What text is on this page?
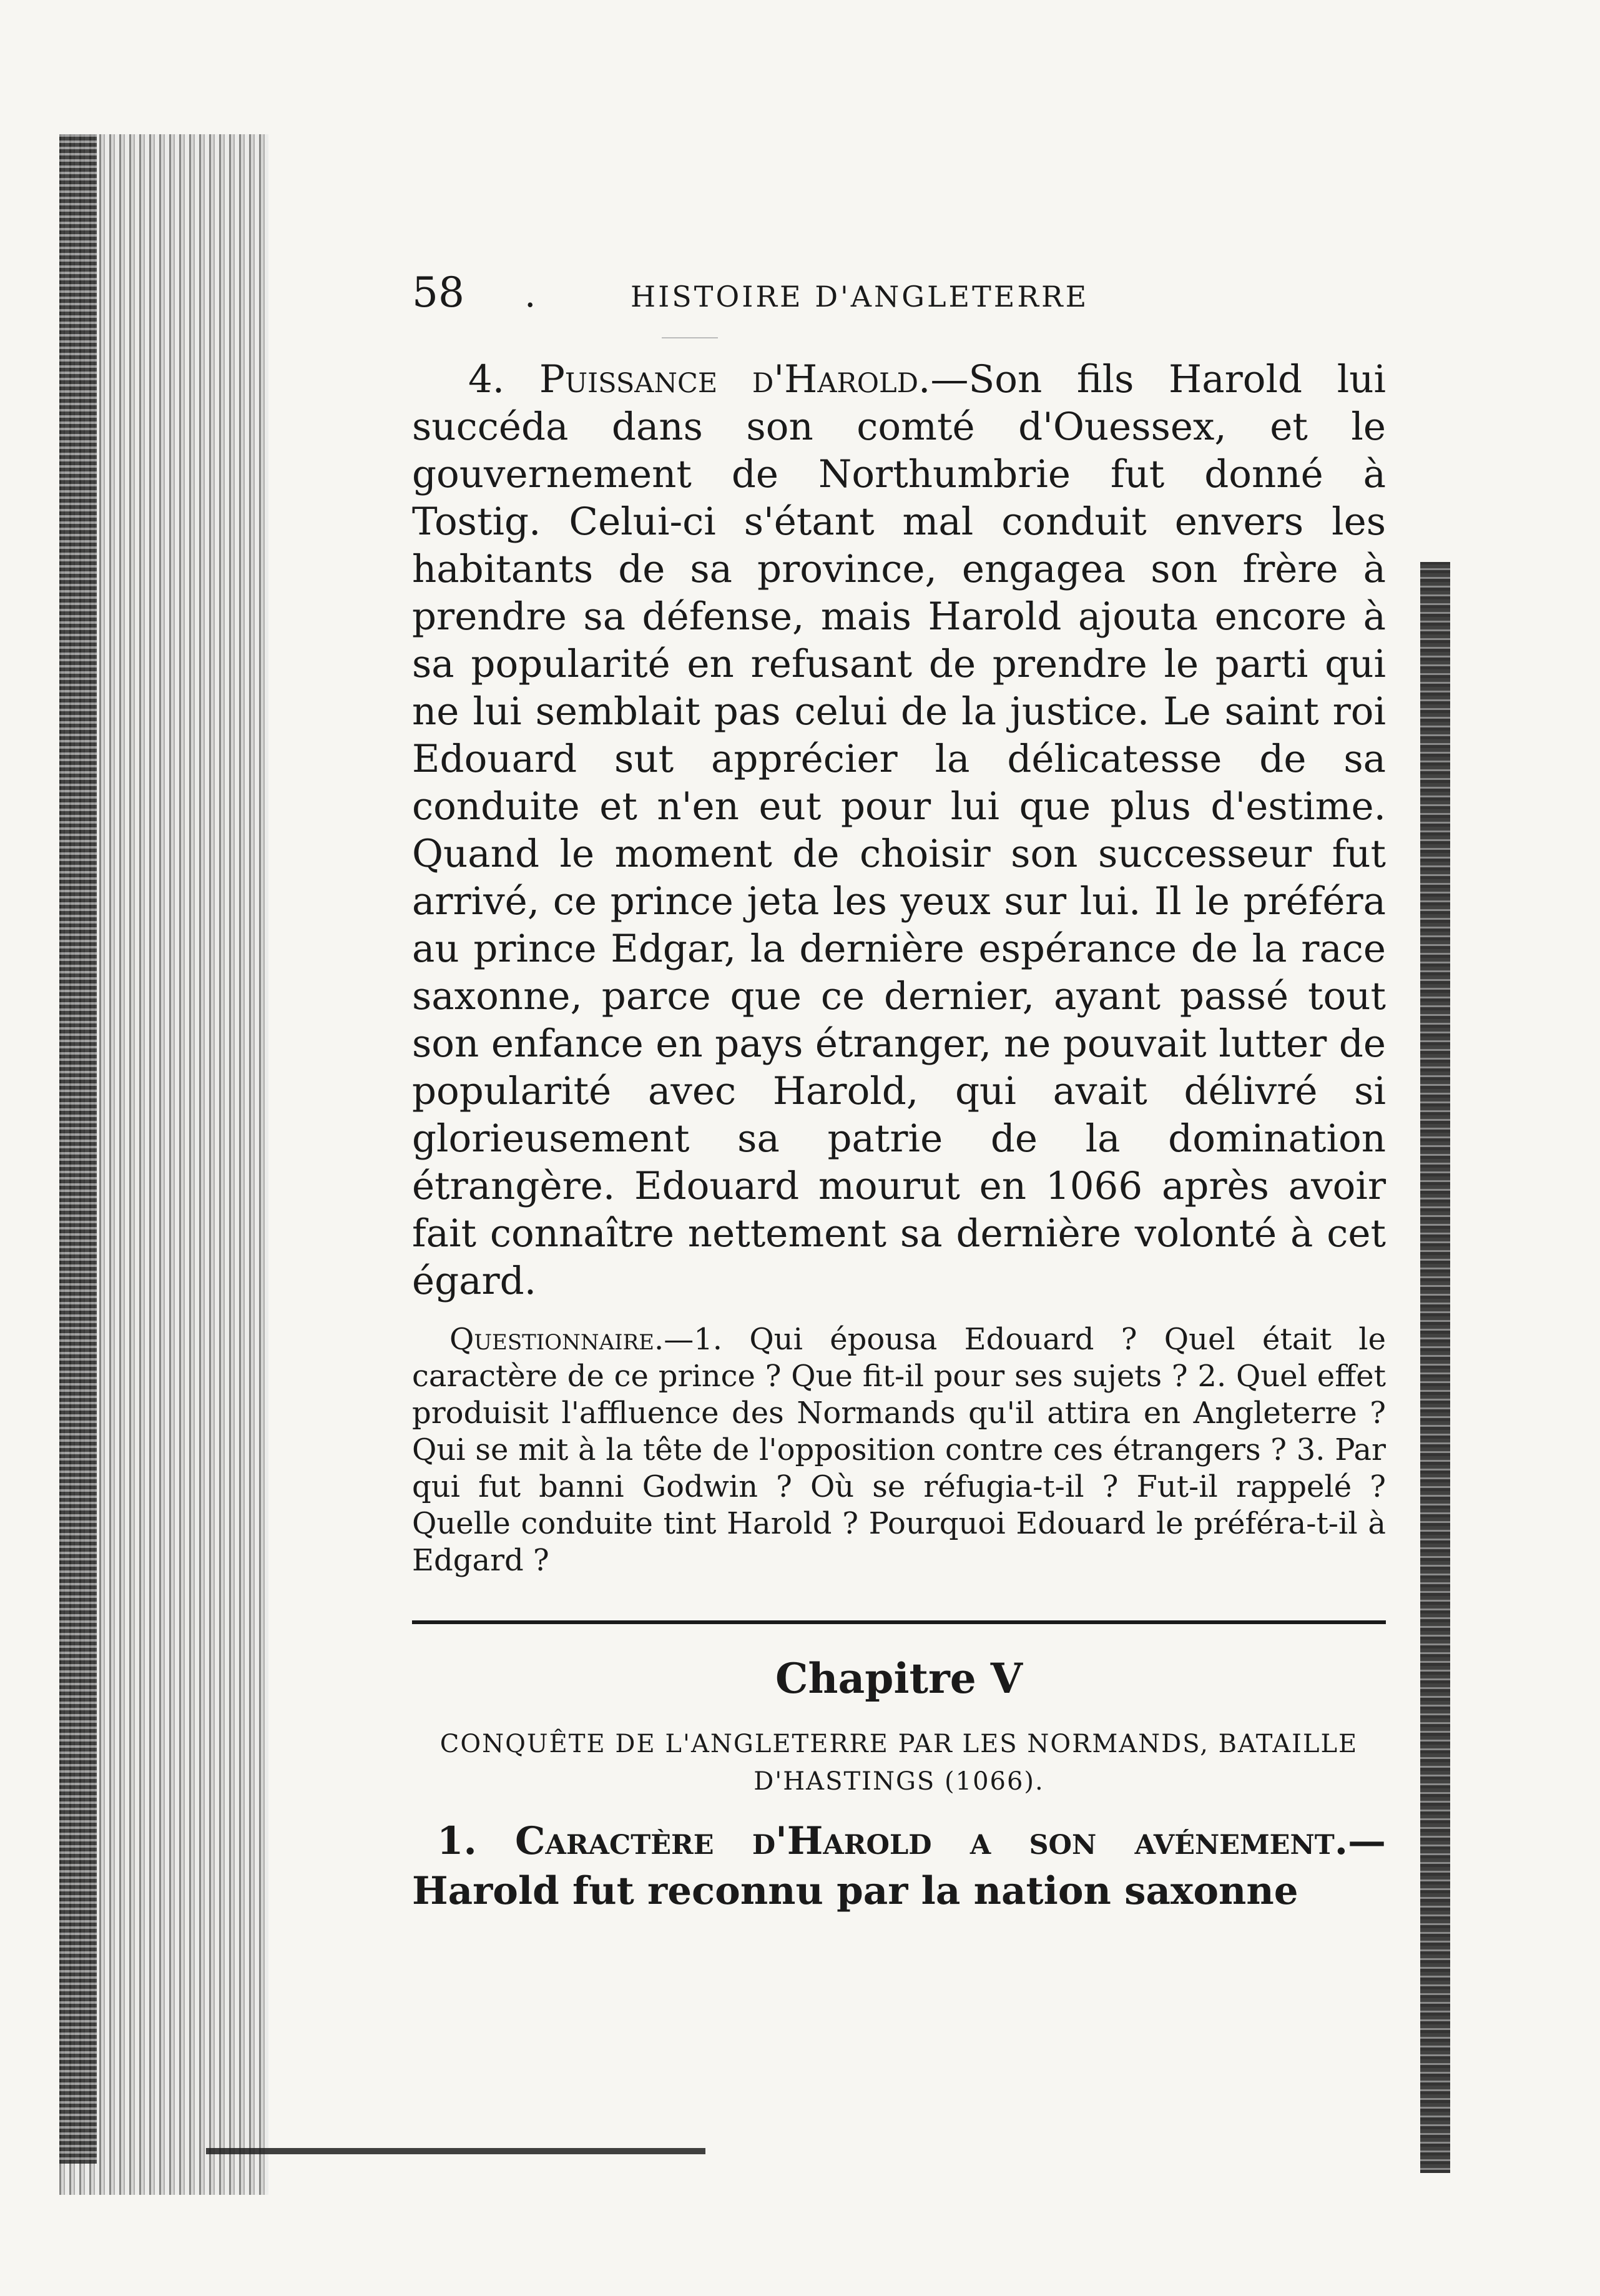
58	.	HISTOIRE D'ANGLETERRE

4. Puissance d'Harold.—Son fils Harold lui succéda dans son comté d'Ouessex, et le gouvernement de Northumbrie fut donné à Tostig. Celui-ci s'étant mal conduit envers les habitants de sa province, engagea son frère à prendre sa défense, mais Harold ajouta encore à sa popularité en refusant de prendre le parti qui ne lui semblait pas celui de la justice. Le saint roi Edouard sut apprécier la délicatesse de sa conduite et n'en eut pour lui que plus d'estime. Quand le moment de choisir son successeur fut arrivé, ce prince jeta les yeux sur lui. Il le préféra au prince Edgar, la dernière espérance de la race saxonne, parce que ce dernier, ayant passé tout son enfance en pays étranger, ne pouvait lutter de popularité avec Harold, qui avait délivré si glorieusement sa patrie de la domination étrangère. Edouard mourut en 1066 après avoir fait connaître nettement sa dernière volonté à cet égard.

Questionnaire.—1. Qui épousa Edouard ? Quel était le caractère de ce prince ? Que fit-il pour ses sujets ? 2. Quel effet produisit l'affluence des Normands qu'il attira en Angleterre ? Qui se mit à la tête de l'opposition contre ces étrangers ? 3. Par qui fut banni Godwin ? Où se réfugia-t-il ? Fut-il rappelé ? Quelle conduite tint Harold ? Pourquoi Edouard le préféra-t-il à Edgard ?

Chapitre V
CONQUÊTE DE L'ANGLETERRE PAR LES NORMANDS, BATAILLE D'HASTINGS (1066).

1. Caractère d'Harold a son avénement.—Harold fut reconnu par la nation saxonne
